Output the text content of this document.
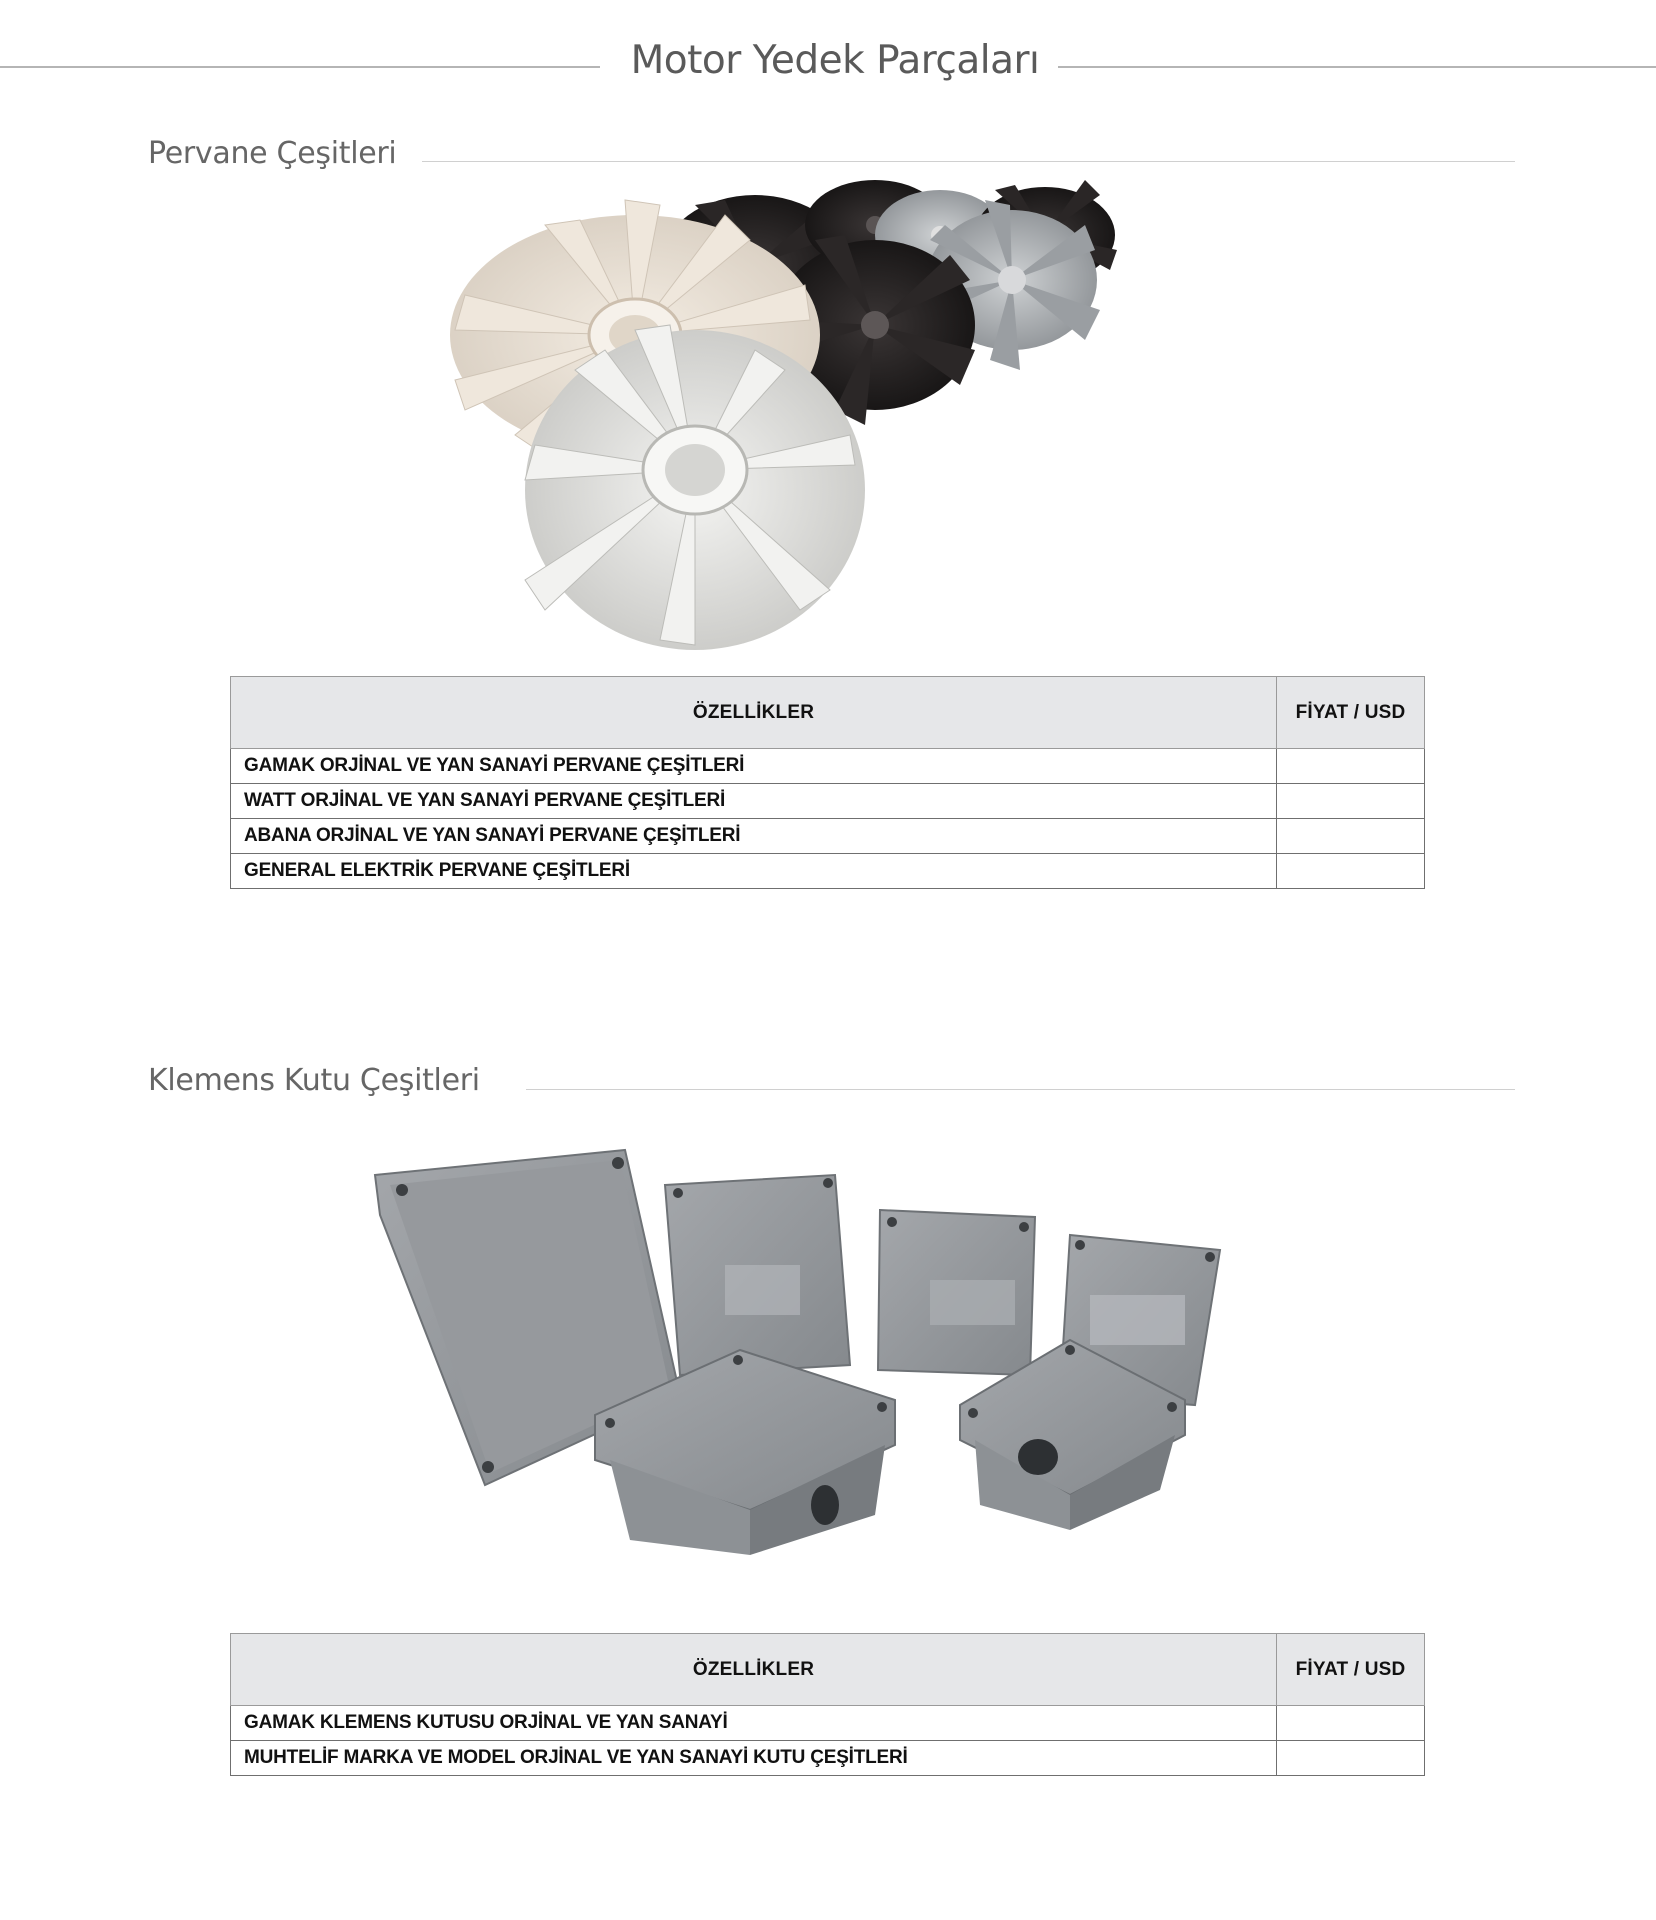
Motor Yedek Parçaları
Pervane Çeşitleri
ÖZELLİKLER	FİYAT / USD
GAMAK ORJİNAL VE YAN SANAYİ PERVANE ÇEŞİTLERİ	
WATT ORJİNAL VE YAN SANAYİ PERVANE ÇEŞİTLERİ	
ABANA ORJİNAL VE YAN SANAYİ PERVANE ÇEŞİTLERİ	
GENERAL ELEKTRİK PERVANE ÇEŞİTLERİ	
Klemens Kutu Çeşitleri
ÖZELLİKLER	FİYAT / USD
GAMAK KLEMENS KUTUSU ORJİNAL VE YAN SANAYİ	
MUHTELİF MARKA VE MODEL ORJİNAL VE YAN SANAYİ KUTU ÇEŞİTLERİ	
